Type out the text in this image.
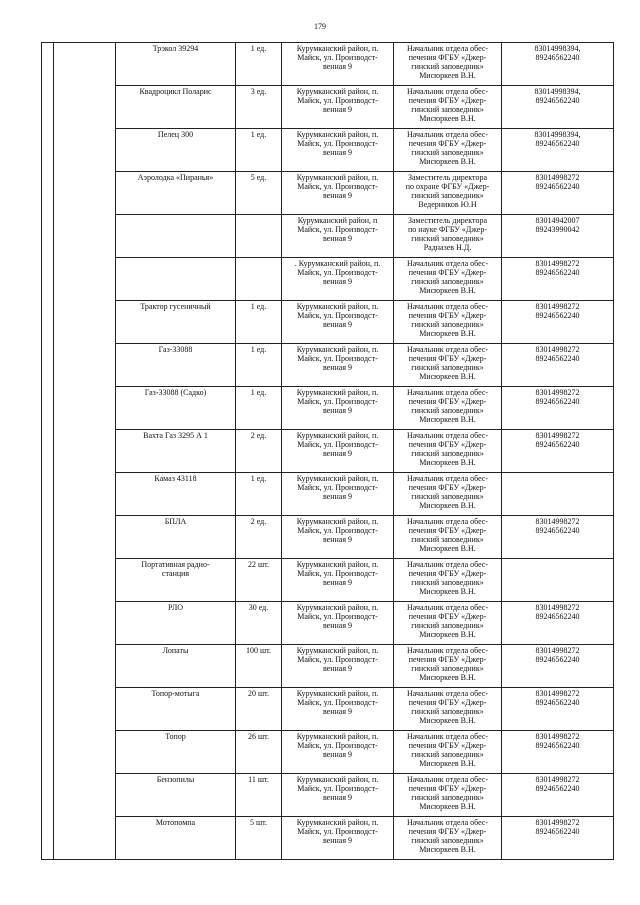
179

		Трэкол 39294	1 ед.	Курумканский район, п.
Майск, ул. Производст-
венная 9	Начальник отдела обес-
печения ФГБУ «Джер-
гинский заповедник»
Мисюркеев В.Н.	83014998394,
89246562240

		Квадроцикл Поларис	3 ед.	Курумканский район, п.
Майск, ул. Производст-
венная 9	Начальник отдела обес-
печения ФГБУ «Джер-
гинский заповедник»
Мисюркеев В.Н.	83014998394,
89246562240

		Пелец 300	1 ед.	Курумканский район, п.
Майск, ул. Производст-
венная 9	Начальник отдела обес-
печения ФГБУ «Джер-
гинский заповедник»
Мисюркеев В.Н.	83014998394,
89246562240

		Аэролодка «Пиранья»	5 ед.	Курумканский район, п.
Майск, ул. Производст-
венная 9	Заместитель директора
по охране ФГБУ «Джер-
гинский заповедник»
Ведерников Ю.Н	83014998272
89246562240

				Курумканский район, п
Майск, ул. Производст-
венная 9	Заместитель директора
по науке ФГБУ «Джер-
гинский заповедник»
Радназев Н.Д.	83014942007
89243990042

				. Курумканский район, п.
Майск, ул. Производст-
венная 9	Начальник отдела обес-
печения ФГБУ «Джер-
гинский заповедник»
Мисюркеев В.Н.	83014998272
89246562240

		Трактор гусеничный	1 ед.	Курумканский район, п.
Майск, ул. Производст-
венная 9	Начальник отдела обес-
печения ФГБУ «Джер-
гинский заповедник»
Мисюркеев В.Н.	83014998272
89246562240

		Газ-33088	1 ед.	Курумканский район, п.
Майск, ул. Производст-
венная 9	Начальник отдела обес-
печения ФГБУ «Джер-
гинский заповедник»
Мисюркеев В.Н.	83014998272
89246562240

		Газ-33088 (Садко)	1 ед.	Курумканский район, п.
Майск, ул. Производст-
венная 9	Начальник отдела обес-
печения ФГБУ «Джер-
гинский заповедник»
Мисюркеев В.Н.	83014998272
89246562240

		Вахта Газ 3295 А 1	2 ед.	Курумканский район, п.
Майск, ул. Производст-
венная 9	Начальник отдела обес-
печения ФГБУ «Джер-
гинский заповедник»
Мисюркеев В.Н.	83014998272
89246562240

		Камаз 43118	1 ед.	Курумканский район, п.
Майск, ул. Производст-
венная 9	Начальник отдела обес-
печения ФГБУ «Джер-
гинский заповедник»
Мисюркеев В.Н.	

		БПЛА	2 ед.	Курумканский район, п.
Майск, ул. Производст-
венная 9	Начальник отдела обес-
печения ФГБУ «Джер-
гинский заповедник»
Мисюркеев В.Н.	83014998272
89246562240

		Портативная радио-
станция	22 шт.	Курумканский район, п.
Майск, ул. Производст-
венная 9	Начальник отдела обес-
печения ФГБУ «Джер-
гинский заповедник»
Мисюркеев В.Н.	

		РЛО	30 ед.	Курумканский район, п.
Майск, ул. Производст-
венная 9	Начальник отдела обес-
печения ФГБУ «Джер-
гинский заповедник»
Мисюркеев В.Н.	83014998272
89246562240

		Лопаты	100 шт.	Курумканский район, п.
Майск, ул. Производст-
венная 9	Начальник отдела обес-
печения ФГБУ «Джер-
гинский заповедник»
Мисюркеев В.Н.	83014998272
89246562240

		Топор-мотыга	20 шт.	Курумканский район, п.
Майск, ул. Производст-
венная 9	Начальник отдела обес-
печения ФГБУ «Джер-
гинский заповедник»
Мисюркеев В.Н.	83014998272
89246562240

		Топор	26 шт.	Курумканский район, п.
Майск, ул. Производст-
венная 9	Начальник отдела обес-
печения ФГБУ «Джер-
гинский заповедник»
Мисюркеев В.Н.	83014998272
89246562240

		Бензопилы	11 шт.	Курумканский район, п.
Майск, ул. Производст-
венная 9	Начальник отдела обес-
печения ФГБУ «Джер-
гинский заповедник»
Мисюркеев В.Н.	83014998272
89246562240

		Мотопомпа	5 шт.	Курумканский район, п.
Майск, ул. Производст-
венная 9	Начальник отдела обес-
печения ФГБУ «Джер-
гинский заповедник»
Мисюркеев В.Н.	83014998272
89246562240
